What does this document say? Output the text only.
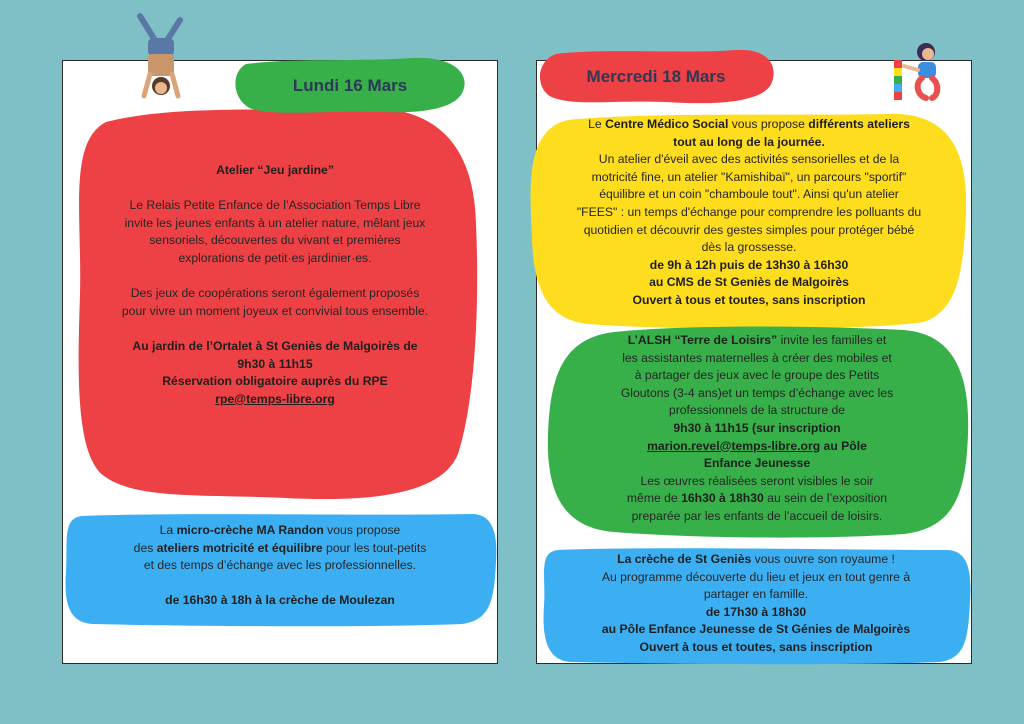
Lundi 16 Mars

Atelier “Jeu jardine”

Le Relais Petite Enfance de l’Association Temps Libre

invite les jeunes enfants à un atelier nature, mêlant jeux

sensoriels, découvertes du vivant et premières

explorations de petit·es jardinier·es.

Des jeux de coopérations seront également proposés

pour vivre un moment joyeux et convivial tous ensemble.

Au jardin de l’Ortalet à St Geniès de Malgoirès de

9h30 à 11h15

Réservation obligatoire auprès du RPE

rpe@temps-libre.org

La micro-crèche MA Randon vous propose

des ateliers motricité et équilibre pour les tout-petits

et des temps d’échange avec les professionnelles.

de 16h30 à 18h à la crèche de Moulezan

Mercredi 18 Mars

Le Centre Médico Social vous propose différents ateliers

tout au long de la journée.

Un atelier d'éveil avec des activités sensorielles et de la

motricité fine, un atelier "Kamishibaï", un parcours "sportif"

équilibre et un coin "chamboule tout". Ainsi qu'un atelier

"FEES" : un temps d'échange pour comprendre les polluants du

quotidien et découvrir des gestes simples pour protéger bébé

dès la grossesse.

de 9h à 12h puis de 13h30 à 16h30

au CMS de St Geniès de Malgoirès

Ouvert à tous et toutes, sans inscription

L’ALSH “Terre de Loisirs” invite les familles et

les assistantes maternelles à créer des mobiles et

à partager des jeux avec le groupe des Petits

Gloutons (3-4 ans)et un temps d’échange avec les

professionnels de la structure de

9h30 à 11h15 (sur inscription

marion.revel@temps-libre.org au Pôle

Enfance Jeunesse

Les œuvres réalisées seront visibles le soir

même de 16h30 à 18h30 au sein de l’exposition

preparée par les enfants de l’accueil de loisirs.

La crèche de St Geniès vous ouvre son royaume !

Au programme découverte du lieu et jeux en tout genre à

partager en famille.

de 17h30 à 18h30

au Pôle Enfance Jeunesse de St Génies de Malgoirès

Ouvert à tous et toutes, sans inscription
